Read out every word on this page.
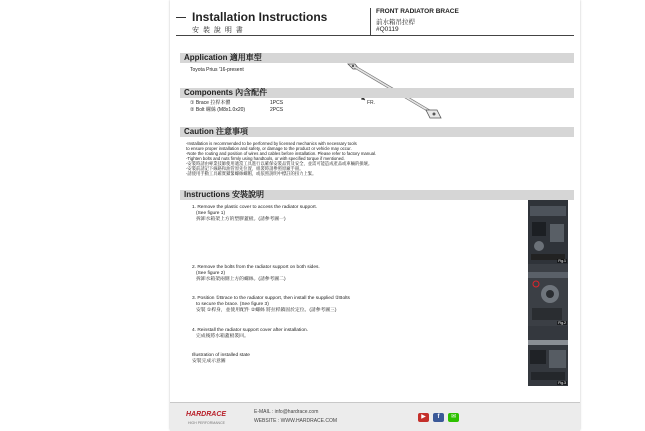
Installation Instructions
安 裝 說 明 書
FRONT RADIATOR BRACE
前水箱吊拉桿
#Q0119
Application 適用車型
Toyota Prius '16-present
FR.
Components 內含配件
① Brace 拉桿本體	1PCS
② Bolt 螺絲 (M8x1.0x20)	2PCS
Caution 注意事項
-Installation is recommended to be performed by licensed mechanics with necessary tools
to ensure proper installation and safety, or damage to the product or vehicle may occur.
-Note the routing and position of wires and cables before installation. Please refer to factory manual.
-Tighten bolts and nuts firmly using handtools, or with specified torque if mentioned.
-安裝時請由專業技師使用適當工具進行以確保安裝品質及安全，並需可能造成產品或車輛的損壞。
-安裝前請記下線路和油管原先位置，組裝時請參照原廠手冊。
-請使用手動工具確實鎖緊螺絲螺帽，或依照說明中標註的扭力上緊。
Instructions 安裝說明
1. Remove the plastic cover to access the radiator support.
(See figure 1)
拆卸水箱架上方的塑膠蓋板。(請參考圖一)
2. Remove the bolts from the radiator support on both sides.
(See figure 2)
拆卸水箱架兩側上方的螺絲。(請參考圖二)
3. Position ①Brace to the radiator support, then install the supplied ②Bolts
to secure the brace. (See figure 3)
安裝 ①桿身，並使用配件 ②螺絲 將拉桿鎖固於定位。(請參考圖三)
4. Reinstall the radiator support cover after installation.
完成後將水箱蓋板裝回。
Illustration of installed state
安裝完成示意圖
Fig.1
Fig.2
Fig.3
HARDRACE
HIGH PERFORMANCE
E-MAIL : info@hardrace.com
WEBSITE : WWW.HARDRACE.COM
▶	f	✉
